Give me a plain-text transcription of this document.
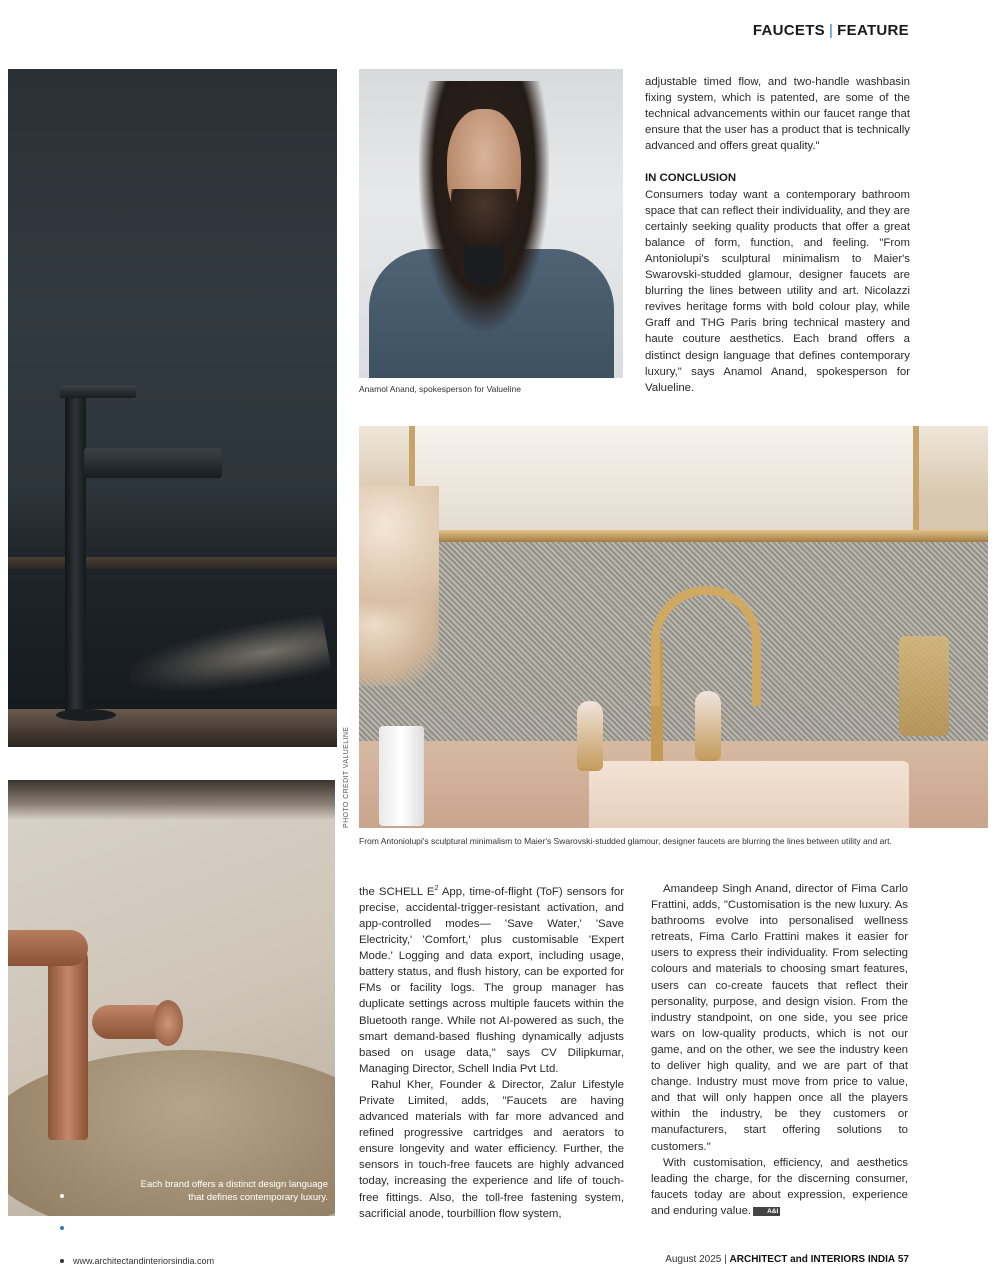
FAUCETS | FEATURE
Anamol Anand, spokesperson for Valueline

adjustable timed flow, and two-handle washbasin fixing system, which is patented, are some of the technical advancements within our faucet range that ensure that the user has a product that is technically advanced and offers great quality."

IN CONCLUSION

Consumers today want a contemporary bathroom space that can reflect their individuality, and they are certainly seeking quality products that offer a great balance of form, function, and feeling. "From Antoniolupi's sculptural minimalism to Maier's Swarovski-studded glamour, designer faucets are blurring the lines between utility and art. Nicolazzi revives heritage forms with bold colour play, while Graff and THG Paris bring technical mastery and haute couture aesthetics. Each brand offers a distinct design language that defines contemporary luxury," says Anamol Anand, spokesperson for Valueline.

PHOTO CREDIT VALUELINE
From Antoniolupi's sculptural minimalism to Maier's Swarovski-studded glamour, designer faucets are blurring the lines between utility and art.
Each brand offers a distinct design language
that defines contemporary luxury.

the SCHELL $E^2$ App, time-of-flight (ToF) sensors for precise, accidental-trigger-resistant activation, and app-controlled modes— 'Save Water,' 'Save Electricity,' 'Comfort,' plus customisable 'Expert Mode.' Logging and data export, including usage, battery status, and flush history, can be exported for FMs or facility logs. The group manager has duplicate settings across multiple faucets within the Bluetooth range. While not AI-powered as such, the smart demand-based flushing dynamically adjusts based on usage data," says CV Dilipkumar, Managing Director, Schell India Pvt Ltd.

Rahul Kher, Founder & Director, Zalur Lifestyle Private Limited, adds, "Faucets are having advanced materials with far more advanced and refined progressive cartridges and aerators to ensure longevity and water efficiency. Further, the sensors in touch-free faucets are highly advanced today, increasing the experience and life of touch-free fittings. Also, the toll-free fastening system, sacrificial anode, tourbillion flow system,

Amandeep Singh Anand, director of Fima Carlo Frattini, adds, "Customisation is the new luxury. As bathrooms evolve into personalised wellness retreats, Fima Carlo Frattini makes it easier for users to express their individuality. From selecting colours and materials to choosing smart features, users can co-create faucets that reflect their personality, purpose, and design vision. From the industry standpoint, on one side, you see price wars on low-quality products, which is not our game, and on the other, we see the industry keen to deliver high quality, and we are part of that change. Industry must move from price to value, and that will only happen once all the players within the industry, be they customers or manufacturers, start offering solutions to customers."

With customisation, efficiency, and aesthetics leading the charge, for the discerning consumer, faucets today are about expression, experience and enduring value. A&I

www.architectandinteriorsindia.com	August 2025 | ARCHITECT and INTERIORS INDIA 57
